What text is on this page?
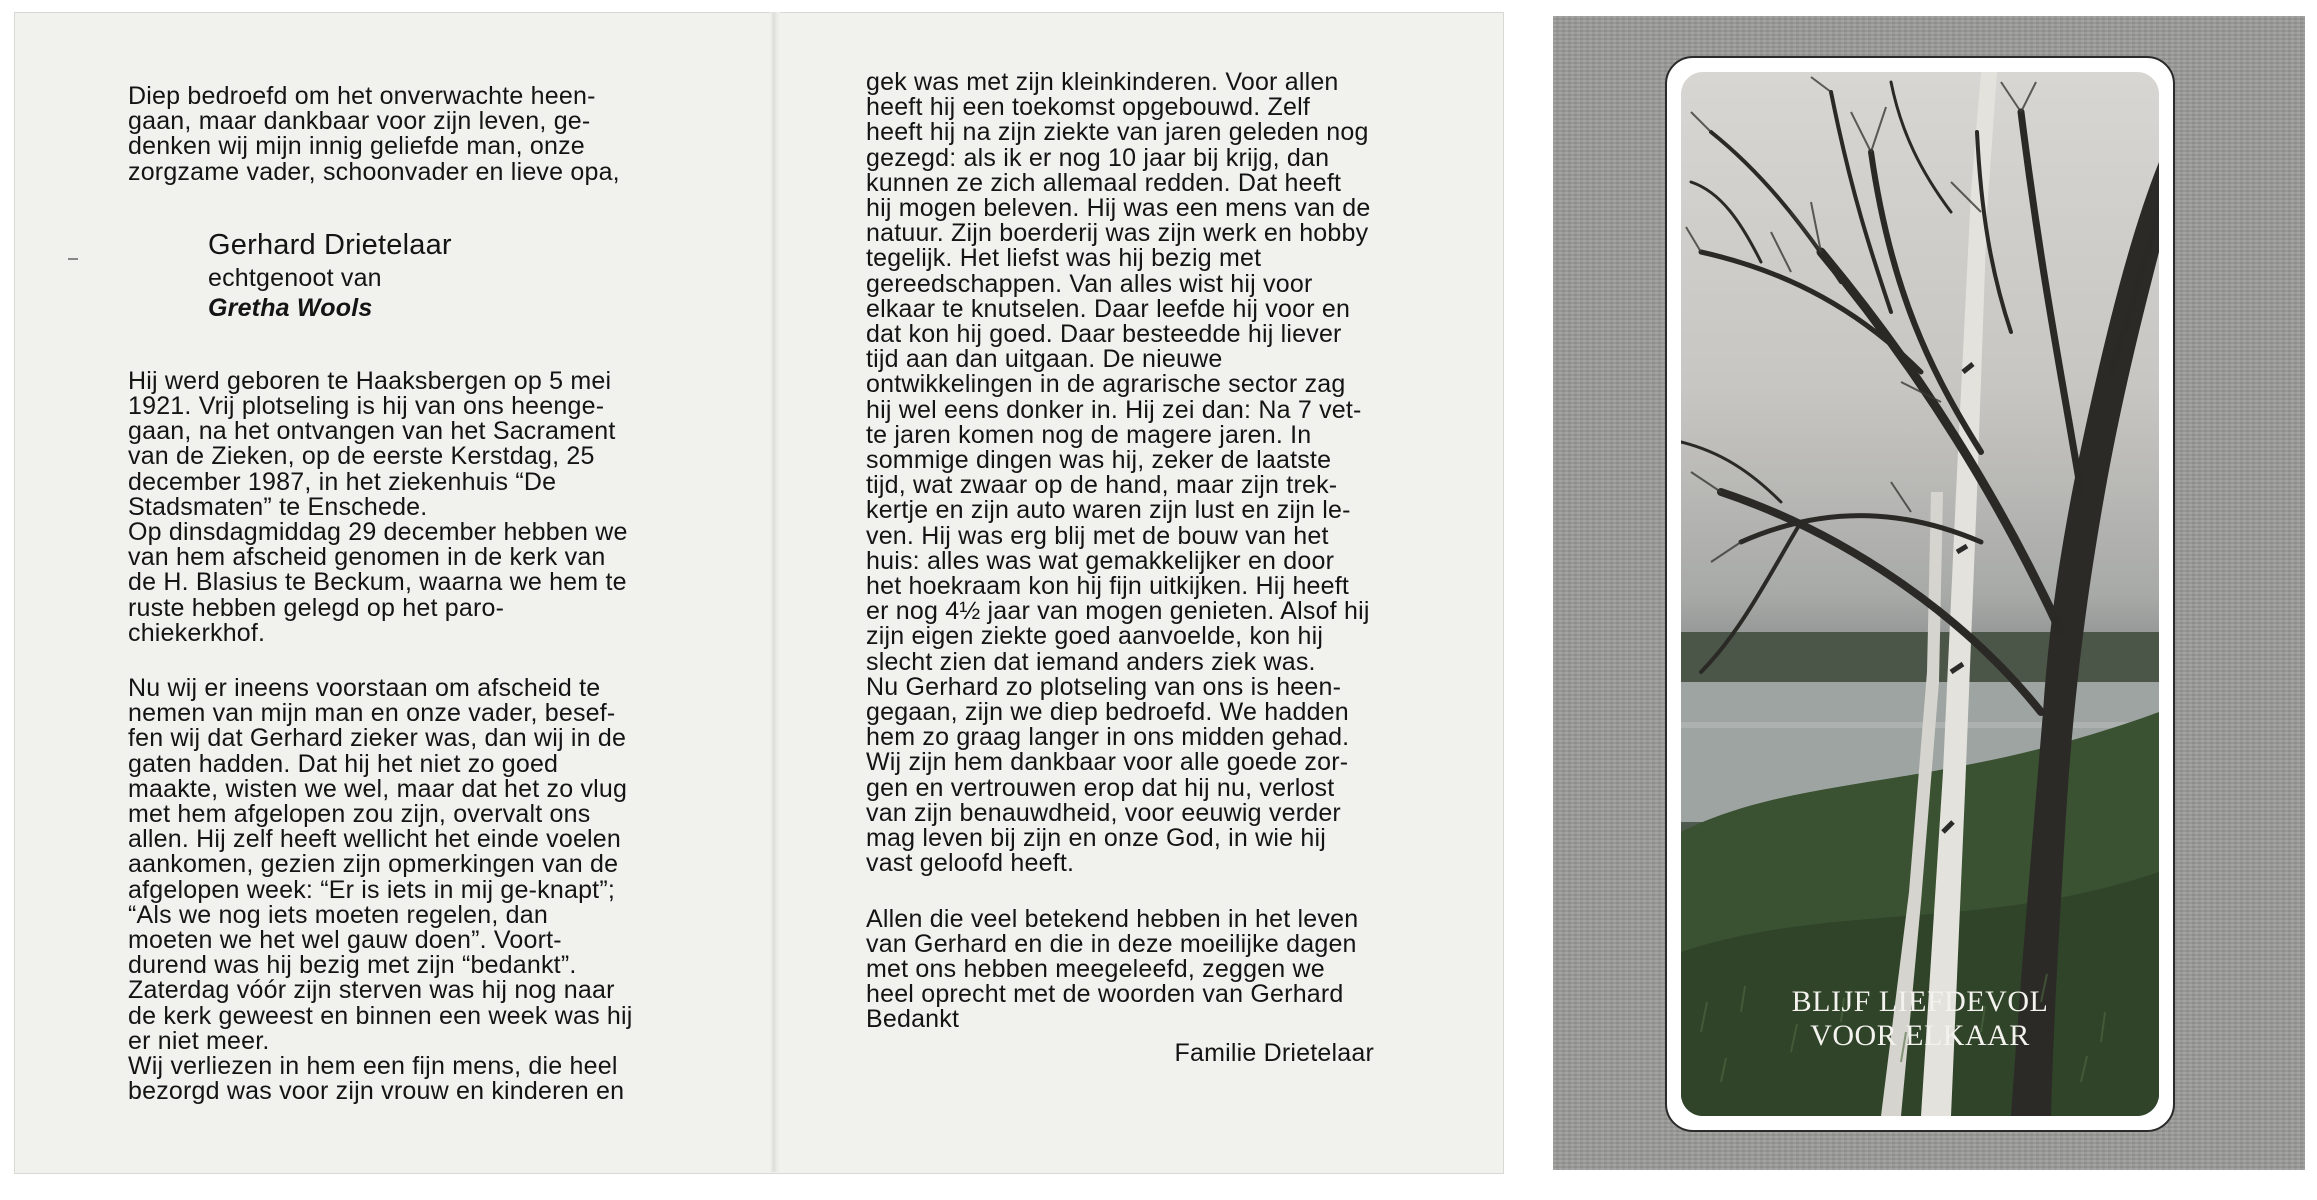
Diep bedroefd om het onverwachte heen-gaan, maar dankbaar voor zijn leven, ge-denken wij mijn innig geliefde man, onze zorgzame vader, schoonvader en lieve opa,

Gerhard Drietelaar
echtgenoot van
Gretha Wools

Hij werd geboren te Haaksbergen op 5 mei 1921. Vrij plotseling is hij van ons heenge-gaan, na het ontvangen van het Sacrament van de Zieken, op de eerste Kerstdag, 25 december 1987, in het ziekenhuis “De Stadsmaten” te Enschede.

Op dinsdagmiddag 29 december hebben we van hem afscheid genomen in de kerk van de H. Blasius te Beckum, waarna we hem te ruste hebben gelegd op het paro-chiekerkhof.

Nu wij er ineens voorstaan om afscheid te nemen van mijn man en onze vader, besef-fen wij dat Gerhard zieker was, dan wij in de gaten hadden. Dat hij het niet zo goed maakte, wisten we wel, maar dat het zo vlug met hem afgelopen zou zijn, overvalt ons allen. Hij zelf heeft wellicht het einde voelen aankomen, gezien zijn opmerkingen van de afgelopen week: “Er is iets in mij ge-knapt”; “Als we nog iets moeten regelen, dan moeten we het wel gauw doen”. Voort-durend was hij bezig met zijn “bedankt”. Zaterdag vóór zijn sterven was hij nog naar de kerk geweest en binnen een week was hij er niet meer.

Wij verliezen in hem een fijn mens, die heel bezorgd was voor zijn vrouw en kinderen en

gek was met zijn kleinkinderen. Voor allen heeft hij een toekomst opgebouwd. Zelf heeft hij na zijn ziekte van jaren geleden nog gezegd: als ik er nog 10 jaar bij krijg, dan kunnen ze zich allemaal redden. Dat heeft hij mogen beleven. Hij was een mens van de natuur. Zijn boerderij was zijn werk en hobby tegelijk. Het liefst was hij bezig met gereedschappen. Van alles wist hij voor elkaar te knutselen. Daar leefde hij voor en dat kon hij goed. Daar besteedde hij liever tijd aan dan uitgaan. De nieuwe ontwikkelingen in de agrarische sector zag hij wel eens donker in. Hij zei dan: Na 7 vet-te jaren komen nog de magere jaren. In sommige dingen was hij, zeker de laatste tijd, wat zwaar op de hand, maar zijn trek-kertje en zijn auto waren zijn lust en zijn le-ven. Hij was erg blij met de bouw van het huis: alles was wat gemakkelijker en door het hoekraam kon hij fijn uitkijken. Hij heeft er nog 4½ jaar van mogen genieten. Alsof hij zijn eigen ziekte goed aanvoelde, kon hij slecht zien dat iemand anders ziek was.

Nu Gerhard zo plotseling van ons is heen-gegaan, zijn we diep bedroefd. We hadden hem zo graag langer in ons midden gehad. Wij zijn hem dankbaar voor alle goede zor-gen en vertrouwen erop dat hij nu, verlost van zijn benauwdheid, voor eeuwig verder mag leven bij zijn en onze God, in wie hij vast geloofd heeft.

Allen die veel betekend hebben in het leven van Gerhard en die in deze moeilijke dagen met ons hebben meegeleefd, zeggen we heel oprecht met de woorden van Gerhard Bedankt

Familie Drietelaar

BLIJF LIEFDEVOL
VOOR ELKAAR
